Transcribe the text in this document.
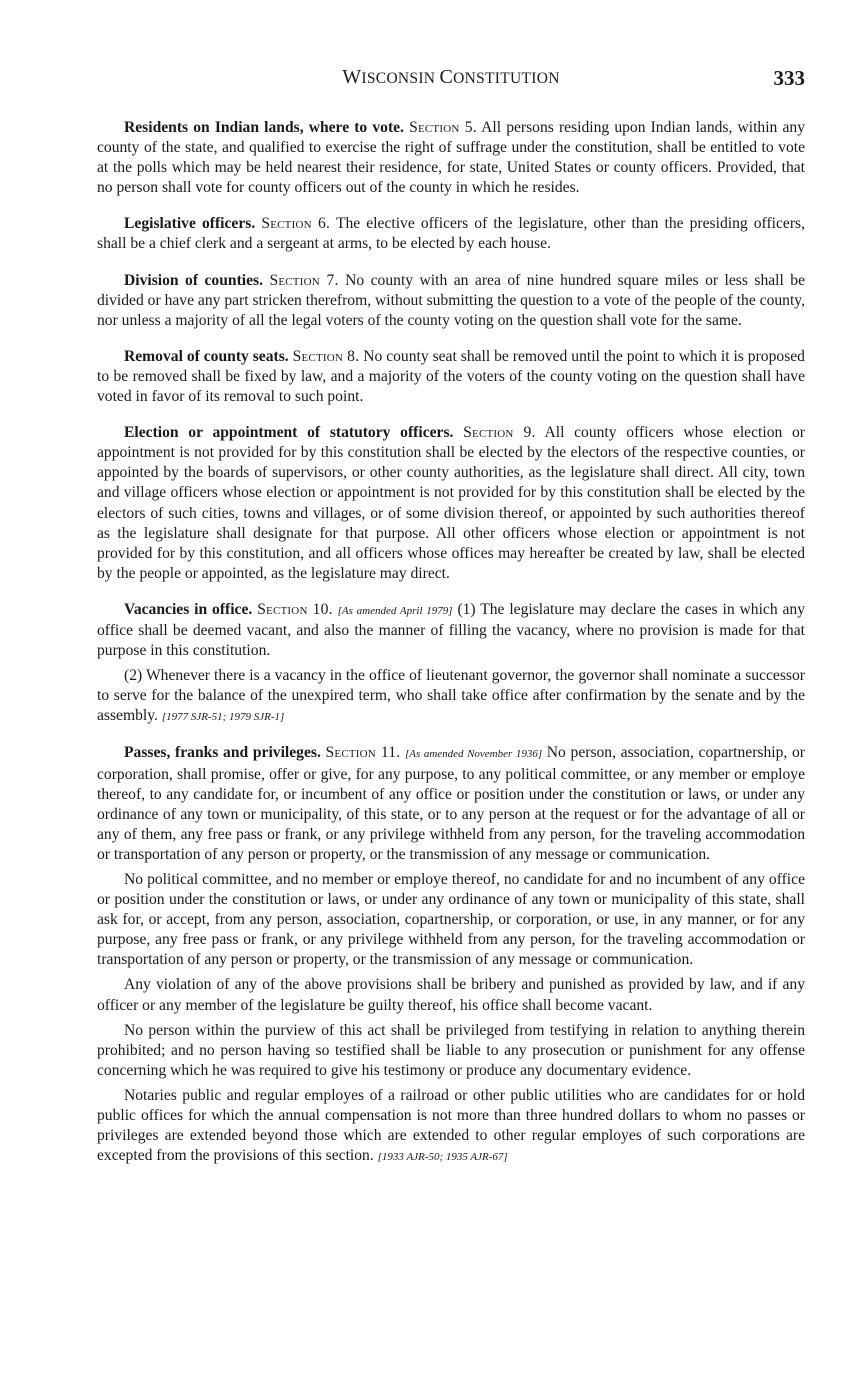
WISCONSIN CONSTITUTION	333

Residents on Indian lands, where to vote. Section 5. All persons residing upon Indian lands, within any county of the state, and qualified to exercise the right of suffrage under the constitution, shall be entitled to vote at the polls which may be held nearest their residence, for state, United States or county officers. Provided, that no person shall vote for county officers out of the county in which he resides.

Legislative officers. Section 6. The elective officers of the legislature, other than the presiding officers, shall be a chief clerk and a sergeant at arms, to be elected by each house.

Division of counties. Section 7. No county with an area of nine hundred square miles or less shall be divided or have any part stricken therefrom, without submitting the question to a vote of the people of the county, nor unless a majority of all the legal voters of the county voting on the question shall vote for the same.

Removal of county seats. Section 8. No county seat shall be removed until the point to which it is proposed to be removed shall be fixed by law, and a majority of the voters of the county voting on the question shall have voted in favor of its removal to such point.

Election or appointment of statutory officers. Section 9. All county officers whose election or appointment is not provided for by this constitution shall be elected by the electors of the respective counties, or appointed by the boards of supervisors, or other county authorities, as the legislature shall direct. All city, town and village officers whose election or appointment is not provided for by this constitution shall be elected by the electors of such cities, towns and villages, or of some division thereof, or appointed by such authorities thereof as the legislature shall designate for that purpose. All other officers whose election or appointment is not provided for by this constitution, and all officers whose offices may hereafter be created by law, shall be elected by the people or appointed, as the legislature may direct.

Vacancies in office. Section 10. [As amended April 1979] (1) The legislature may declare the cases in which any office shall be deemed vacant, and also the manner of filling the vacancy, where no provision is made for that purpose in this constitution.

(2) Whenever there is a vacancy in the office of lieutenant governor, the governor shall nominate a successor to serve for the balance of the unexpired term, who shall take office after confirmation by the senate and by the assembly. [1977 SJR-51; 1979 SJR-1]

Passes, franks and privileges. Section 11. [As amended November 1936] No person, association, copartnership, or corporation, shall promise, offer or give, for any purpose, to any political committee, or any member or employe thereof, to any candidate for, or incumbent of any office or position under the constitution or laws, or under any ordinance of any town or municipality, of this state, or to any person at the request or for the advantage of all or any of them, any free pass or frank, or any privilege withheld from any person, for the traveling accommodation or transportation of any person or property, or the transmission of any message or communication.

No political committee, and no member or employe thereof, no candidate for and no incumbent of any office or position under the constitution or laws, or under any ordinance of any town or municipality of this state, shall ask for, or accept, from any person, association, copartnership, or corporation, or use, in any manner, or for any purpose, any free pass or frank, or any privilege withheld from any person, for the traveling accommodation or transportation of any person or property, or the transmission of any message or communication.

Any violation of any of the above provisions shall be bribery and punished as provided by law, and if any officer or any member of the legislature be guilty thereof, his office shall become vacant.

No person within the purview of this act shall be privileged from testifying in relation to anything therein prohibited; and no person having so testified shall be liable to any prosecution or punishment for any offense concerning which he was required to give his testimony or produce any documentary evidence.

Notaries public and regular employes of a railroad or other public utilities who are candidates for or hold public offices for which the annual compensation is not more than three hundred dollars to whom no passes or privileges are extended beyond those which are extended to other regular employes of such corporations are excepted from the provisions of this section. [1933 AJR-50; 1935 AJR-67]
